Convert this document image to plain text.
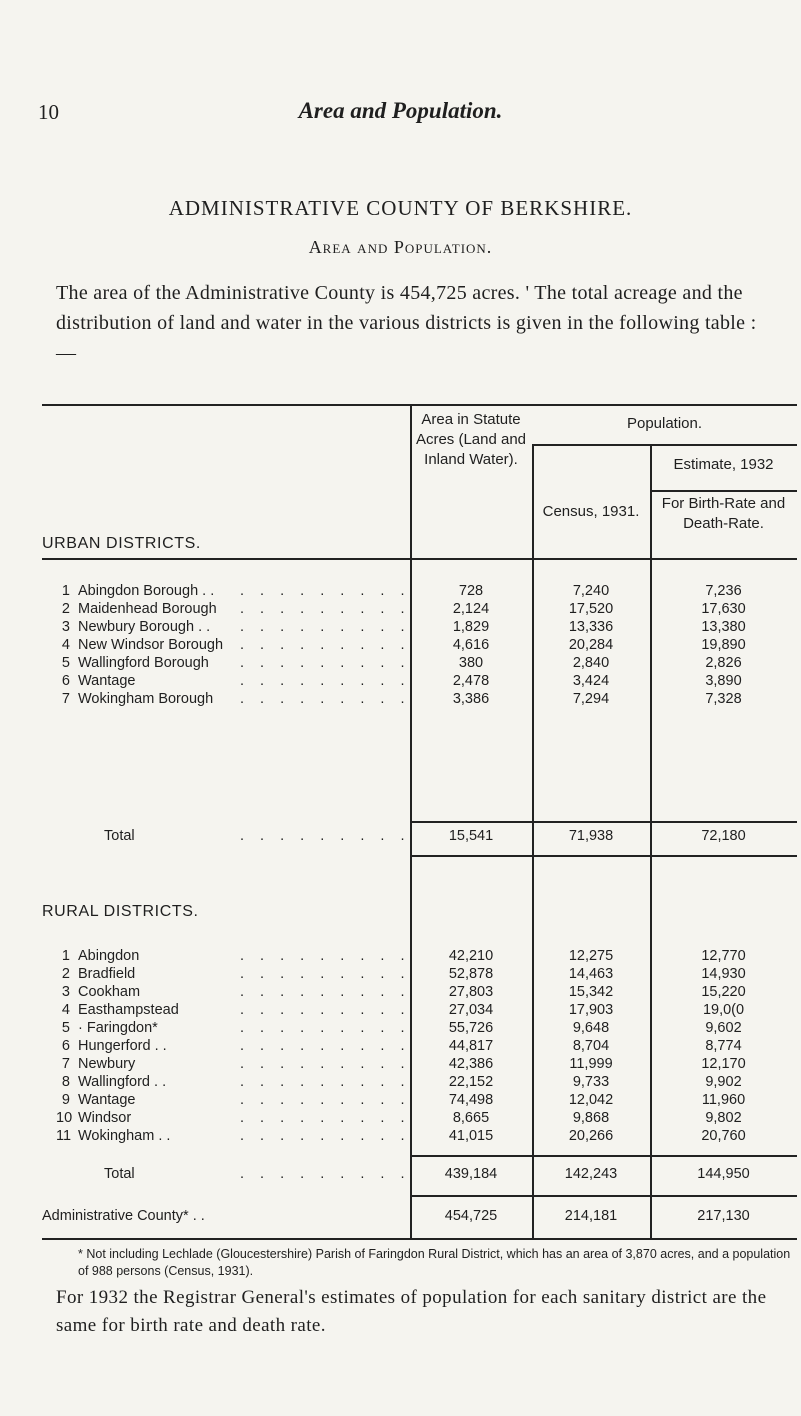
10	Area and Population.
ADMINISTRATIVE COUNTY OF BERKSHIRE.
Area and Population.
The area of the Administrative County is 454,725 acres. ' The total acreage and the distribution of land and water in the various districts is given in the following table :—
Area in Statute Acres (Land and Inland Water).
Population.
Census, 1931.
Estimate, 1932
For Birth-Rate and Death-Rate.
URBAN DISTRICTS.
1 Abingdon Borough . . . . . . . . . . .	728	7,240	7,236
2 Maidenhead Borough . . . . . . . . .	2,124	17,520	17,630
3 Newbury Borough . . . . . . . . . . .	1,829	13,336	13,380
4 New Windsor Borough . . . . . . . . .	4,616	20,284	19,890
5 Wallingford Borough . . . . . . . . .	380	2,840	2,826
6 Wantage	. . . . . . . . .	2,478	3,424	3,890
7 Wokingham Borough . . . . . . . . .	3,386	7,294	7,328
Total	. . . . . . . . .	15,541	71,938	72,180
RURAL DISTRICTS.
1 Abingdon	. . . . . . . . .	42,210	12,275	12,770
2 Bradfield	. . . . . . . . .	52,878	14,463	14,930
3 Cookham	. . . . . . . . .	27,803	15,342	15,220
4 Easthampstead	. . . . . . . . .	27,034	17,903	19,0(0
5 · Faringdon*	. . . . . . . . .	55,726	9,648	9,602
6 Hungerford . .	. . . . . . . . .	44,817	8,704	8,774
7 Newbury	. . . . . . . . .	42,386	11,999	12,170
8 Wallingford . .	. . . . . . . . .	22,152	9,733	9,902
9 Wantage	. . . . . . . . .	74,498	12,042	11,960
10 Windsor	. . . . . . . . .	8,665	9,868	9,802
11 Wokingham . .	. . . . . . . . .	41,015	20,266	20,760
Total	. . . . . . . . .	439,184	142,243	144,950
Administrative County* . .	454,725	214,181	217,130
* Not including Lechlade (Gloucestershire) Parish of Faringdon Rural District, which has an area of 3,870 acres, and a population of 988 persons (Census, 1931).
For 1932 the Registrar General's estimates of population for each sanitary district are the same for birth rate and death rate.
